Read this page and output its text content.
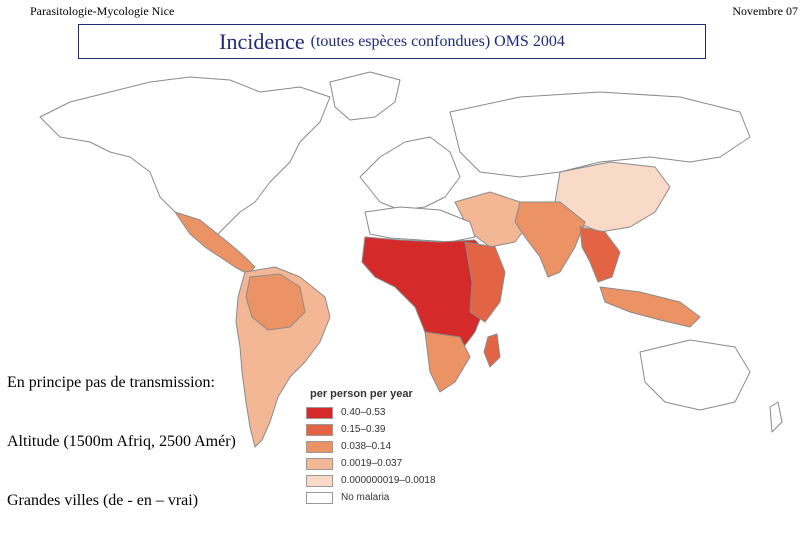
Parasitologie-Mycologie Nice	Novembre 07
Incidence (toutes espèces confondues) OMS 2004
per person per year
0.40–0.53
0.15–0.39
0.038–0.14
0.0019–0.037
0.000000019–0.0018
No malaria
En principe pas de transmission:
Altitude (1500m Afriq, 2500 Amér)
Grandes villes (de - en – vrai)
